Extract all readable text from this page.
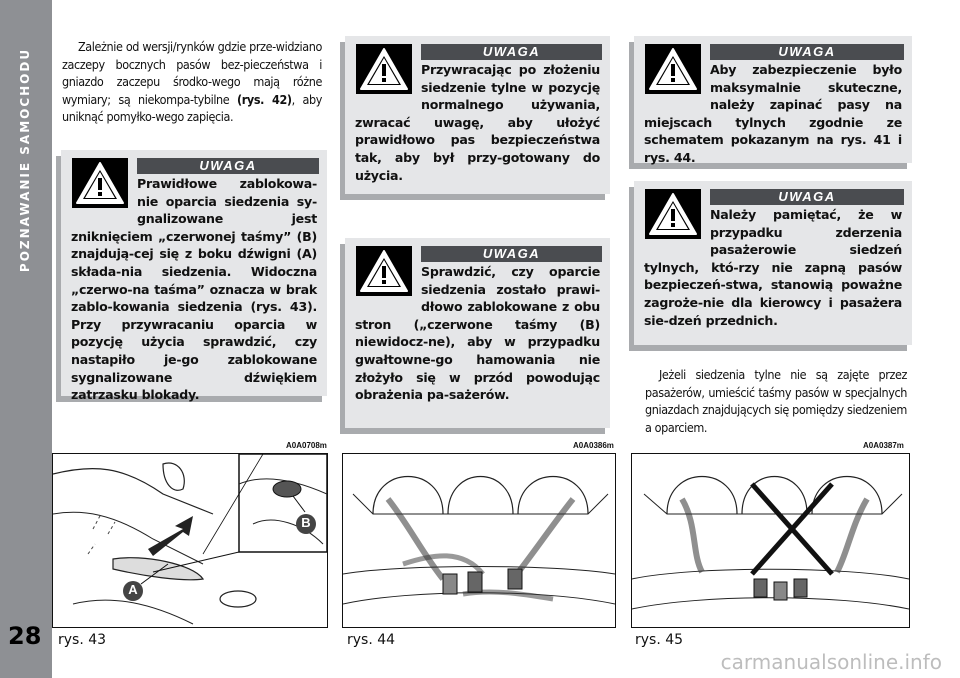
POZNAWANIE SAMOCHODU
28
Zależnie od wersji/rynków gdzie prze-widziano zaczepy bocznych pasów bez-pieczeństwa i gniazdo zaczepu środko-wego mają różne wymiary; są niekompa-tybilne (rys. 42), aby uniknąć pomyłko-wego zapięcia.
UWAGA
Prawidłowe zablokowa-nie oparcia siedzenia sy-gnalizowane jest zniknięciem „czerwonej taśmy” (B) znajdują-cej się z boku dźwigni (A) składa-nia siedzenia. Widoczna „czerwo-na taśma” oznacza w brak zablo-kowania siedzenia (rys. 43). Przy przywracaniu oparcia w pozycję użycia sprawdzić, czy nastapiło je-go zablokowane sygnalizowane dźwiękiem zatrzasku blokady.
UWAGA
Przywracając po złożeniu siedzenie tylne w pozycję normalnego używania, zwracać uwagę, aby ułożyć prawidłowo pas bezpieczeństwa tak, aby był przy-gotowany do użycia.
UWAGA
Sprawdzić, czy oparcie siedzenia zostało prawi-dłowo zablokowane z obu stron („czerwone taśmy (B) niewidocz-ne), aby w przypadku gwałtowne-go hamowania nie złożyło się w przód powodując obrażenia pa-sażerów.
UWAGA
Aby zabezpieczenie było maksymalnie skuteczne, należy zapinać pasy na miejscach tylnych zgodnie ze schematem pokazanym na rys. 41 i rys. 44.
UWAGA
Należy pamiętać, że w przypadku zderzenia pasażerowie siedzeń tylnych, któ-rzy nie zapną pasów bezpieczeń-stwa, stanowią poważne zagroże-nie dla kierowcy i pasażera sie-dzeń przednich.
Jeżeli siedzenia tylne nie są zajęte przez pasażerów, umieścić taśmy pasów w specjalnych gniazdach znajdujących się pomiędzy siedzeniem a oparciem.
A0A0708m	A0A0386m	A0A0387m
B
A
rys. 43	rys. 44	rys. 45
carmanualsonline.info
